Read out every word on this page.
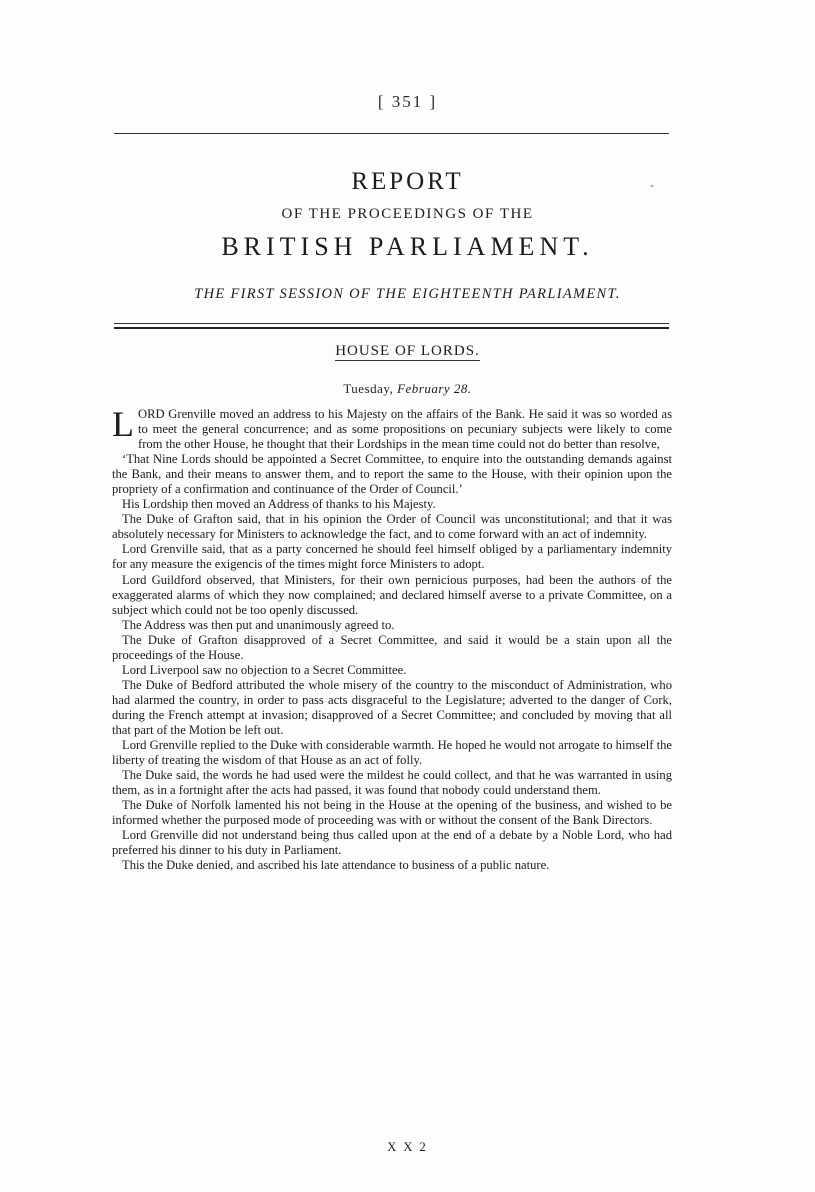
[ 351 ]
-
REPORT
OF THE PROCEEDINGS OF THE
BRITISH PARLIAMENT.
THE FIRST SESSION OF THE EIGHTEENTH PARLIAMENT.
HOUSE OF LORDS.
Tuesday, February 28.

LORD Grenville moved an address to his Majesty on the affairs of the Bank. He said it was so worded as to meet the general concurrence; and as some propositions on pecuniary subjects were likely to come from the other House, he thought that their Lordships in the mean time could not do better than resolve,

‘That Nine Lords should be appointed a Secret Committee, to enquire into the outstanding demands against the Bank, and their means to answer them, and to report the same to the House, with their opinion upon the propriety of a confirmation and continuance of the Order of Council.’

His Lordship then moved an Address of thanks to his Majesty.

The Duke of Grafton said, that in his opinion the Order of Council was unconstitutional; and that it was absolutely necessary for Ministers to acknowledge the fact, and to come forward with an act of indemnity.

Lord Grenville said, that as a party concerned he should feel himself obliged by a parliamentary indemnity for any measure the exigencis of the times might force Ministers to adopt.

Lord Guildford observed, that Ministers, for their own pernicious purposes, had been the authors of the exaggerated alarms of which they now complained; and declared himself averse to a private Committee, on a subject which could not be too openly discussed.

The Address was then put and unanimously agreed to.

The Duke of Grafton disapproved of a Secret Committee, and said it would be a stain upon all the proceedings of the House.

Lord Liverpool saw no objection to a Secret Committee.

The Duke of Bedford attributed the whole misery of the country to the misconduct of Administration, who had alarmed the country, in order to pass acts disgraceful to the Legislature; adverted to the danger of Cork, during the French attempt at invasion; disapproved of a Secret Committee; and concluded by moving that all that part of the Motion be left out.

Lord Grenville replied to the Duke with considerable warmth. He hoped he would not arrogate to himself the liberty of treating the wisdom of that House as an act of folly.

The Duke said, the words he had used were the mildest he could collect, and that he was warranted in using them, as in a fortnight after the acts had passed, it was found that nobody could understand them.

The Duke of Norfolk lamented his not being in the House at the opening of the business, and wished to be informed whether the purposed mode of proceeding was with or without the consent of the Bank Directors.

Lord Grenville did not understand being thus called upon at the end of a debate by a Noble Lord, who had preferred his dinner to his duty in Parliament.

This the Duke denied, and ascribed his late attendance to business of a public nature.

X X 2
